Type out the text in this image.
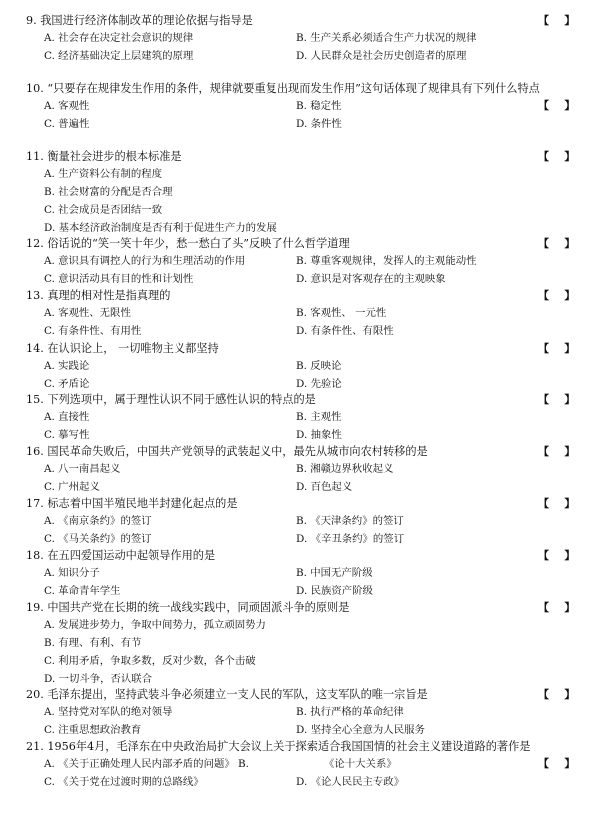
9. 我国进行经济体制改革的理论依据与指导是	【    】
A. 社会存在决定社会意识的规律	B. 生产关系必须适合生产力状况的规律
C. 经济基础决定上层建筑的原理	D. 人民群众是社会历史创造者的原理
10. “只要存在规律发生作用的条件，规律就要重复出现而发生作用”这句话体现了规律具有下列什么特点
【    】
A. 客观性	B. 稳定性
C. 普遍性	D. 条件性
11. 衡量社会进步的根本标准是	【    】
A. 生产资料公有制的程度
B. 社会财富的分配是否合理
C. 社会成员是否团结一致
D. 基本经济政治制度是否有利于促进生产力的发展
12. 俗话说的“笑一笑十年少，愁一愁白了头”反映了什么哲学道理	【    】
A. 意识具有调控人的行为和生理活动的作用	B. 尊重客观规律，发挥人的主观能动性
C. 意识活动具有目的性和计划性	D. 意识是对客观存在的主观映象
13. 真理的相对性是指真理的	【    】
A. 客观性、无限性	B. 客观性、 一元性
C. 有条件性、有用性	D. 有条件性、有限性
14. 在认识论上， 一切唯物主义都坚持	【    】
A. 实践论	B. 反映论
C. 矛盾论	D. 先验论
15. 下列选项中，属于理性认识不同于感性认识的特点的是	【    】
A. 直接性	B. 主观性
C. 摹写性	D. 抽象性
16. 国民革命失败后，中国共产党领导的武装起义中，最先从城市向农村转移的是	【    】
A. 八一南昌起义	B. 湘赣边界秋收起义
C. 广州起义	D. 百色起义
17. 标志着中国半殖民地半封建化起点的是	【    】
A. 《南京条约》的签订	B. 《天津条约》的签订
C. 《马关条约》的签订	D. 《辛丑条约》的签订
18. 在五四爱国运动中起领导作用的是	【    】
A. 知识分子	B. 中国无产阶级
C. 革命青年学生	D. 民族资产阶级
19. 中国共产党在长期的统一战线实践中，同顽固派斗争的原则是	【    】
A. 发展进步势力，争取中间势力，孤立顽固势力
B. 有理、有利、有节
C. 利用矛盾，争取多数，反对少数，各个击破
D. 一切斗争，否认联合
20. 毛泽东提出，坚持武装斗争必须建立一支人民的军队，这支军队的唯一宗旨是	【    】
A. 坚持党对军队的绝对领导	B. 执行严格的革命纪律
C. 注重思想政治教育	D. 坚持全心全意为人民服务
21. 1956年4月，毛泽东在中央政治局扩大会议上关于探索适合我国国情的社会主义建设道路的著作是
【    】
A. 《关于正确处理人民内部矛盾的问题》 B.	《论十大关系》
C. 《关于党在过渡时期的总路线》	D. 《论人民民主专政》
